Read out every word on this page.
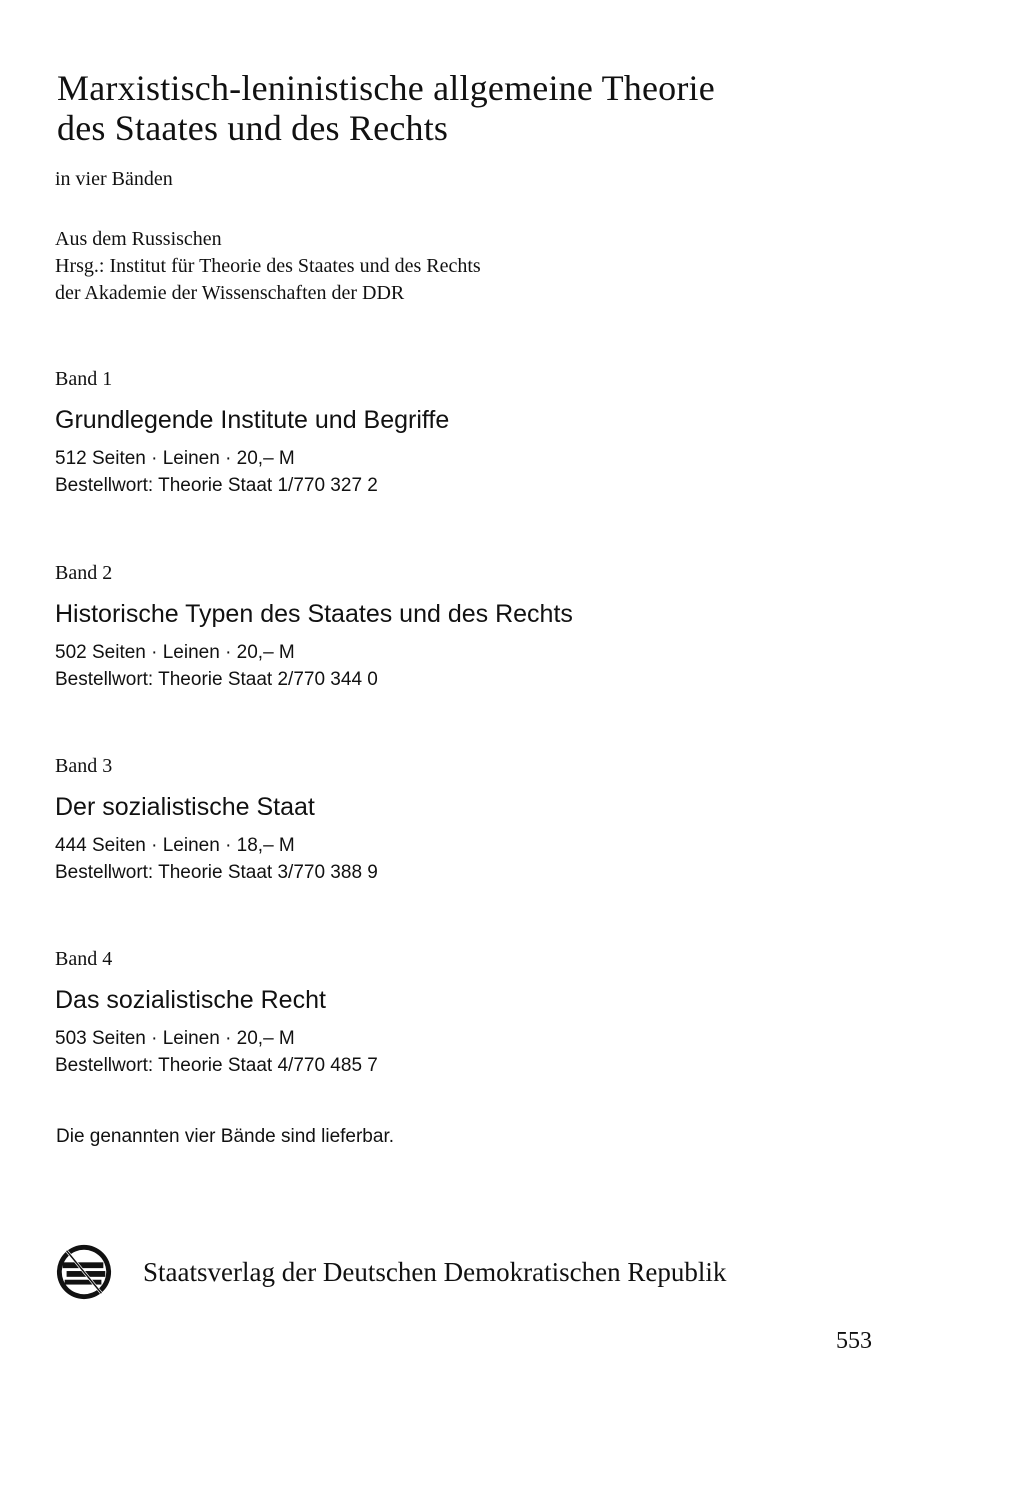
Marxistisch-leninistische allgemeine Theorie
des Staates und des Rechts
in vier Bänden
Aus dem Russischen
Hrsg.: Institut für Theorie des Staates und des Rechts
der Akademie der Wissenschaften der DDR
Band 1
Grundlegende Institute und Begriffe
512 Seiten · Leinen · 20,– M
Bestellwort: Theorie Staat 1/770 327 2
Band 2
Historische Typen des Staates und des Rechts
502 Seiten · Leinen · 20,– M
Bestellwort: Theorie Staat 2/770 344 0
Band 3
Der sozialistische Staat
444 Seiten · Leinen · 18,– M
Bestellwort: Theorie Staat 3/770 388 9
Band 4
Das sozialistische Recht
503 Seiten · Leinen · 20,– M
Bestellwort: Theorie Staat 4/770 485 7
Die genannten vier Bände sind lieferbar.
Staatsverlag der Deutschen Demokratischen Republik
553
